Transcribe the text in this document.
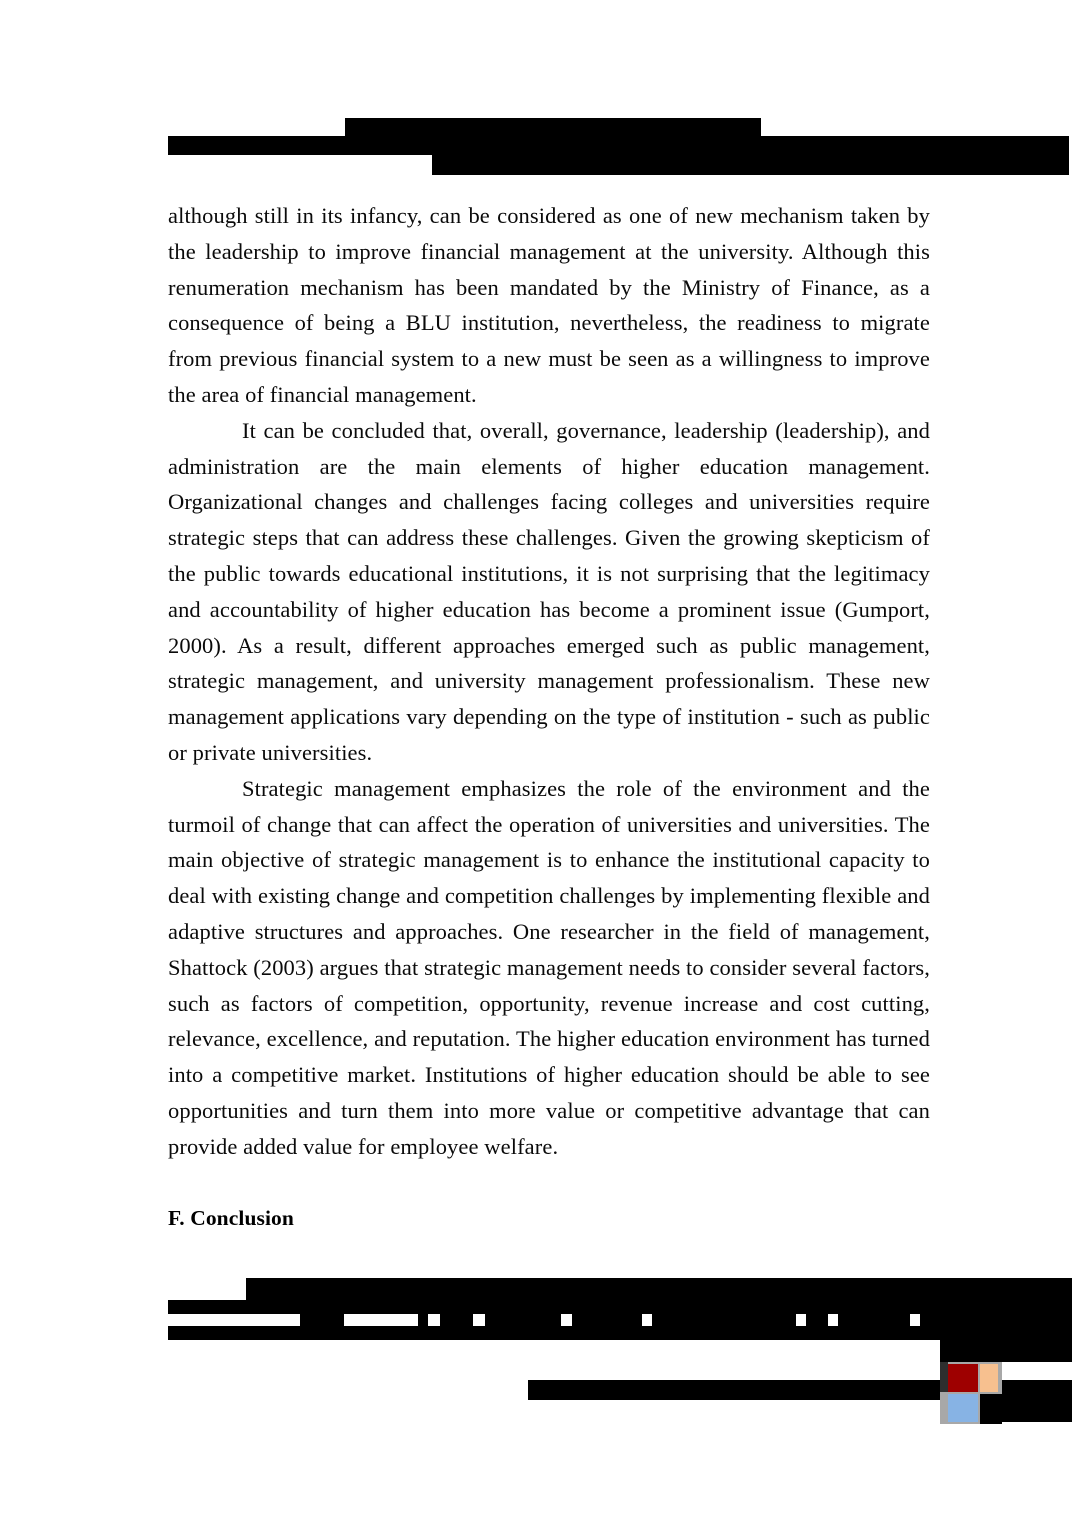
although still in its infancy, can be considered as one of new mechanism taken by the leadership to improve financial management at the university. Although this renumeration mechanism has been mandated by the Ministry of Finance, as a consequence of being a BLU institution, nevertheless, the readiness to migrate from previous financial system to a new must be seen as a willingness to improve the area of financial management.

It can be concluded that, overall, governance, leadership (leadership), and administration are the main elements of higher education management. Organizational changes and challenges facing colleges and universities require strategic steps that can address these challenges. Given the growing skepticism of the public towards educational institutions, it is not surprising that the legitimacy and accountability of higher education has become a prominent issue (Gumport, 2000). As a result, different approaches emerged such as public management, strategic management, and university management professionalism. These new management applications vary depending on the type of institution - such as public or private universities.

Strategic management emphasizes the role of the environment and the turmoil of change that can affect the operation of universities and universities. The main objective of strategic management is to enhance the institutional capacity to deal with existing change and competition challenges by implementing flexible and adaptive structures and approaches. One researcher in the field of management, Shattock (2003) argues that strategic management needs to consider several factors, such as factors of competition, opportunity, revenue increase and cost cutting, relevance, excellence, and reputation. The higher education environment has turned into a competitive market. Institutions of higher education should be able to see opportunities and turn them into more value or competitive advantage that can provide added value for employee welfare.

F. Conclusion
